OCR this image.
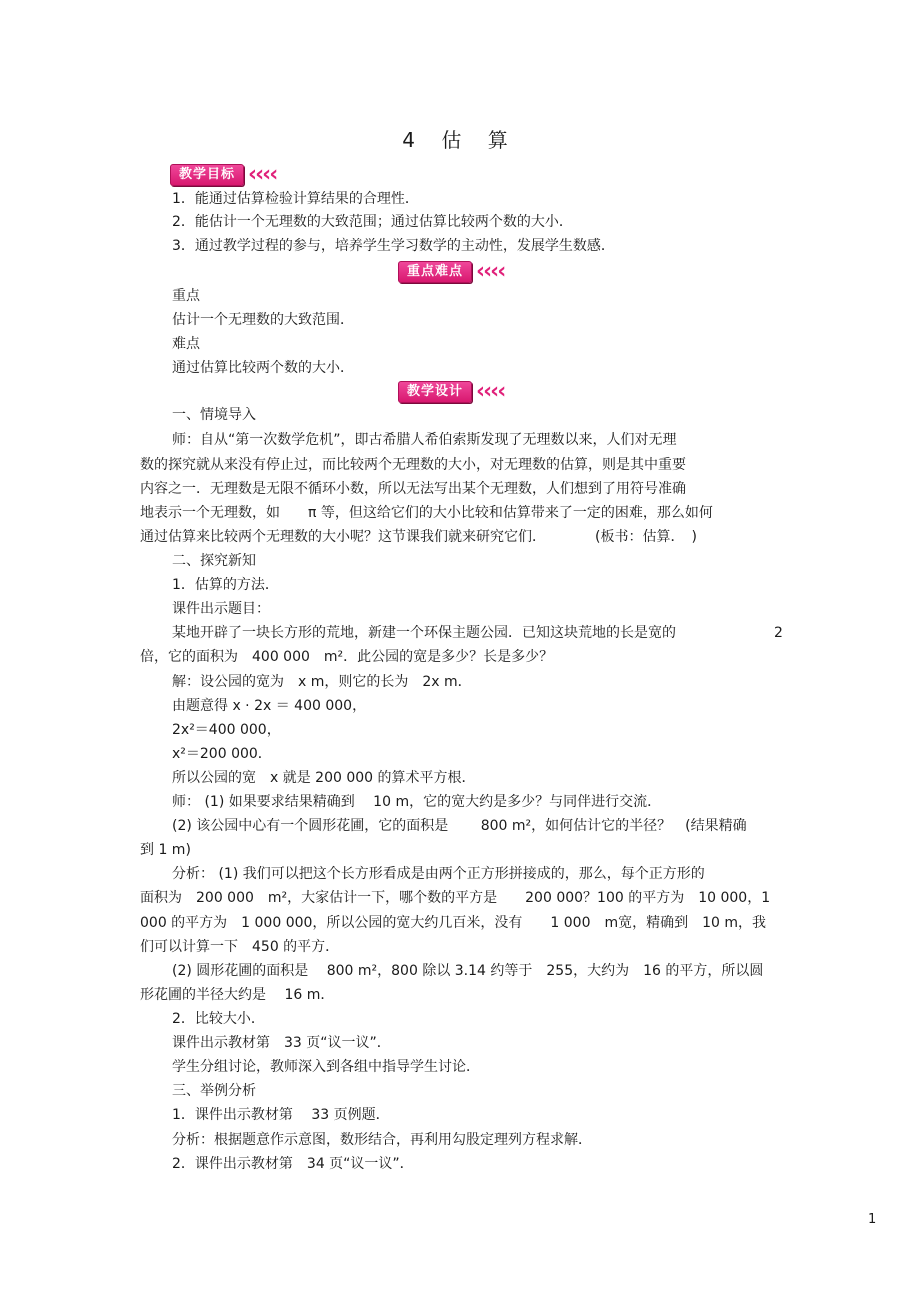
4 估 算
教学目标 ‹‹‹‹
1．能通过估算检验计算结果的合理性．
2．能估计一个无理数的大致范围；通过估算比较两个数的大小．
3．通过教学过程的参与，培养学生学习数学的主动性，发展学生数感．
重点难点 ‹‹‹‹
重点
估计一个无理数的大致范围．
难点
通过估算比较两个数的大小．
教学设计 ‹‹‹‹
一、情境导入
师：自从“第一次数学危机”，即古希腊人希伯索斯发现了无理数以来，人们对无理
数的探究就从来没有停止过，而比较两个无理数的大小，对无理数的估算，则是其中重要
内容之一．无理数是无限不循环小数，所以无法写出某个无理数，人们想到了用符号准确
地表示一个无理数，如　　π 等，但这给它们的大小比较和估算带来了一定的困难，那么如何
通过估算来比较两个无理数的大小呢？这节课我们就来研究它们．　　　　(板书：估算．　)
二、探究新知
1．估算的方法．
课件出示题目：
某地开辟了一块长方形的荒地，新建一个环保主题公园．已知这块荒地的长是宽的　　　　　　　2
倍，它的面积为　400 000　m²．此公园的宽是多少？长是多少？
解：设公园的宽为　x m，则它的长为　2x m．
由题意得 x · 2x ＝ 400 000，
2x²＝400 000，
x²＝200 000．
所以公园的宽　x 就是 200 000 的算术平方根．
师： (1) 如果要求结果精确到　 10 m，它的宽大约是多少？与同伴进行交流．
(2) 该公园中心有一个圆形花圃，它的面积是　　 800 m²，如何估计它的半径？　(结果精确
到 1 m)
分析： (1) 我们可以把这个长方形看成是由两个正方形拼接成的，那么，每个正方形的
面积为　200 000　m²，大家估计一下，哪个数的平方是　　200 000？100 的平方为　10 000，1
000 的平方为　1 000 000，所以公园的宽大约几百米，没有　　1 000　m宽，精确到　10 m，我
们可以计算一下　450 的平方．
(2) 圆形花圃的面积是　 800 m²，800 除以 3.14 约等于　255，大约为　16 的平方，所以圆
形花圃的半径大约是　 16 m．
2．比较大小．
课件出示教材第　33 页“议一议”．
学生分组讨论，教师深入到各组中指导学生讨论．
三、举例分析
1．课件出示教材第　 33 页例题．
分析：根据题意作示意图，数形结合，再利用勾股定理列方程求解．
2．课件出示教材第　34 页“议一议”．
1
